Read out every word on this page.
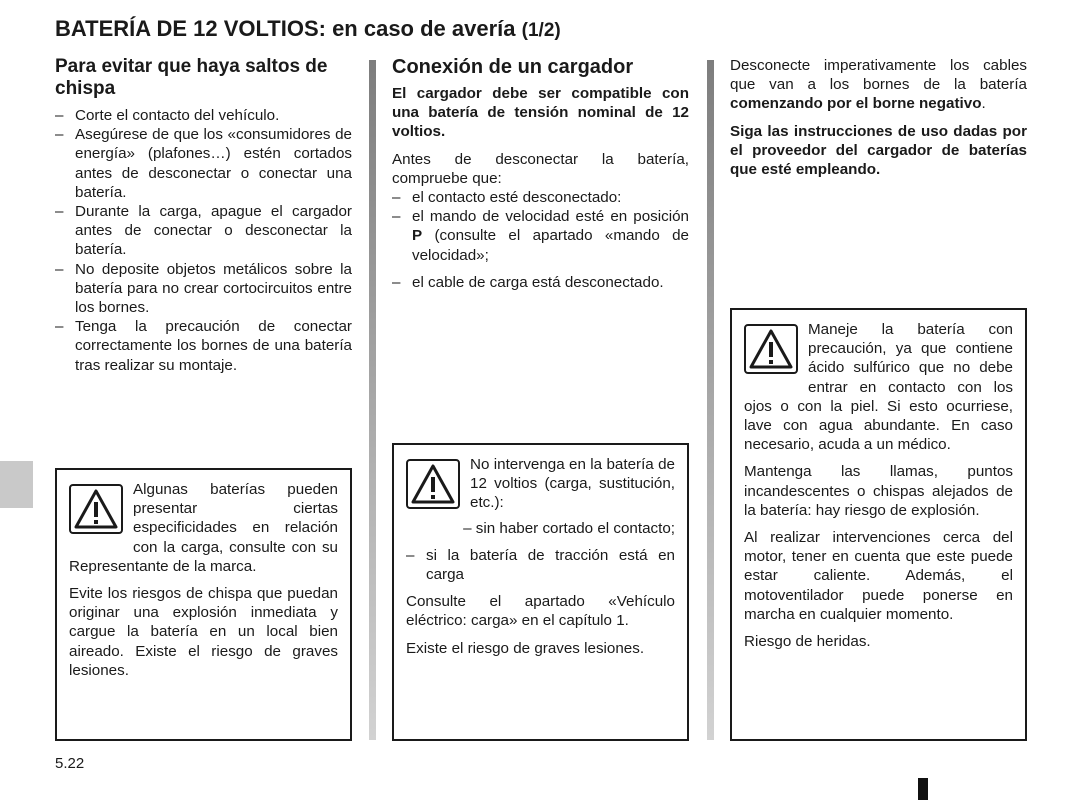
BATERÍA DE 12 VOLTIOS: en caso de avería (1/2)
Para evitar que haya saltos de chispa
– Corte el contacto del vehículo.
– Asegúrese de que los «consumidores de energía» (plafones…) estén cortados antes de desconectar o conectar una batería.
– Durante la carga, apague el cargador antes de conectar o desconectar la batería.
– No deposite objetos metálicos sobre la batería para no crear cortocircuitos entre los bornes.
– Tenga la precaución de conectar correctamente los bornes de una batería tras realizar su montaje.

Algunas baterías pueden presentar ciertas especificidades en relación con la carga, consulte con su Representante de la marca.

Evite los riesgos de chispa que puedan originar una explosión inmediata y cargue la batería en un local bien aireado. Existe el riesgo de graves lesiones.

Conexión de un cargador

El cargador debe ser compatible con una batería de tensión nominal de 12 voltios.

Antes de desconectar la batería, compruebe que:

– el contacto esté desconectado:
– el mando de velocidad esté en posición P (consulte el apartado «mando de velocidad»;
– el cable de carga está desconectado.

No intervenga en la batería de 12 voltios (carga, sustitución, etc.):

– sin haber cortado el contacto;

– si la batería de tracción está en carga

Consulte el apartado «Vehículo eléctrico: carga» en el capítulo 1.

Existe el riesgo de graves lesiones.

Desconecte imperativamente los cables que van a los bornes de la batería comenzando por el borne negativo.

Siga las instrucciones de uso dadas por el proveedor del cargador de baterías que esté empleando.

Maneje la batería con precaución, ya que contiene ácido sulfúrico que no debe entrar en contacto con los ojos o con la piel. Si esto ocurriese, lave con agua abundante. En caso necesario, acuda a un médico.

Mantenga las llamas, puntos incandescentes o chispas alejados de la batería: hay riesgo de explosión.

Al realizar intervenciones cerca del motor, tener en cuenta que este puede estar caliente. Además, el motoventilador puede ponerse en marcha en cualquier momento.

Riesgo de heridas.

5.22
